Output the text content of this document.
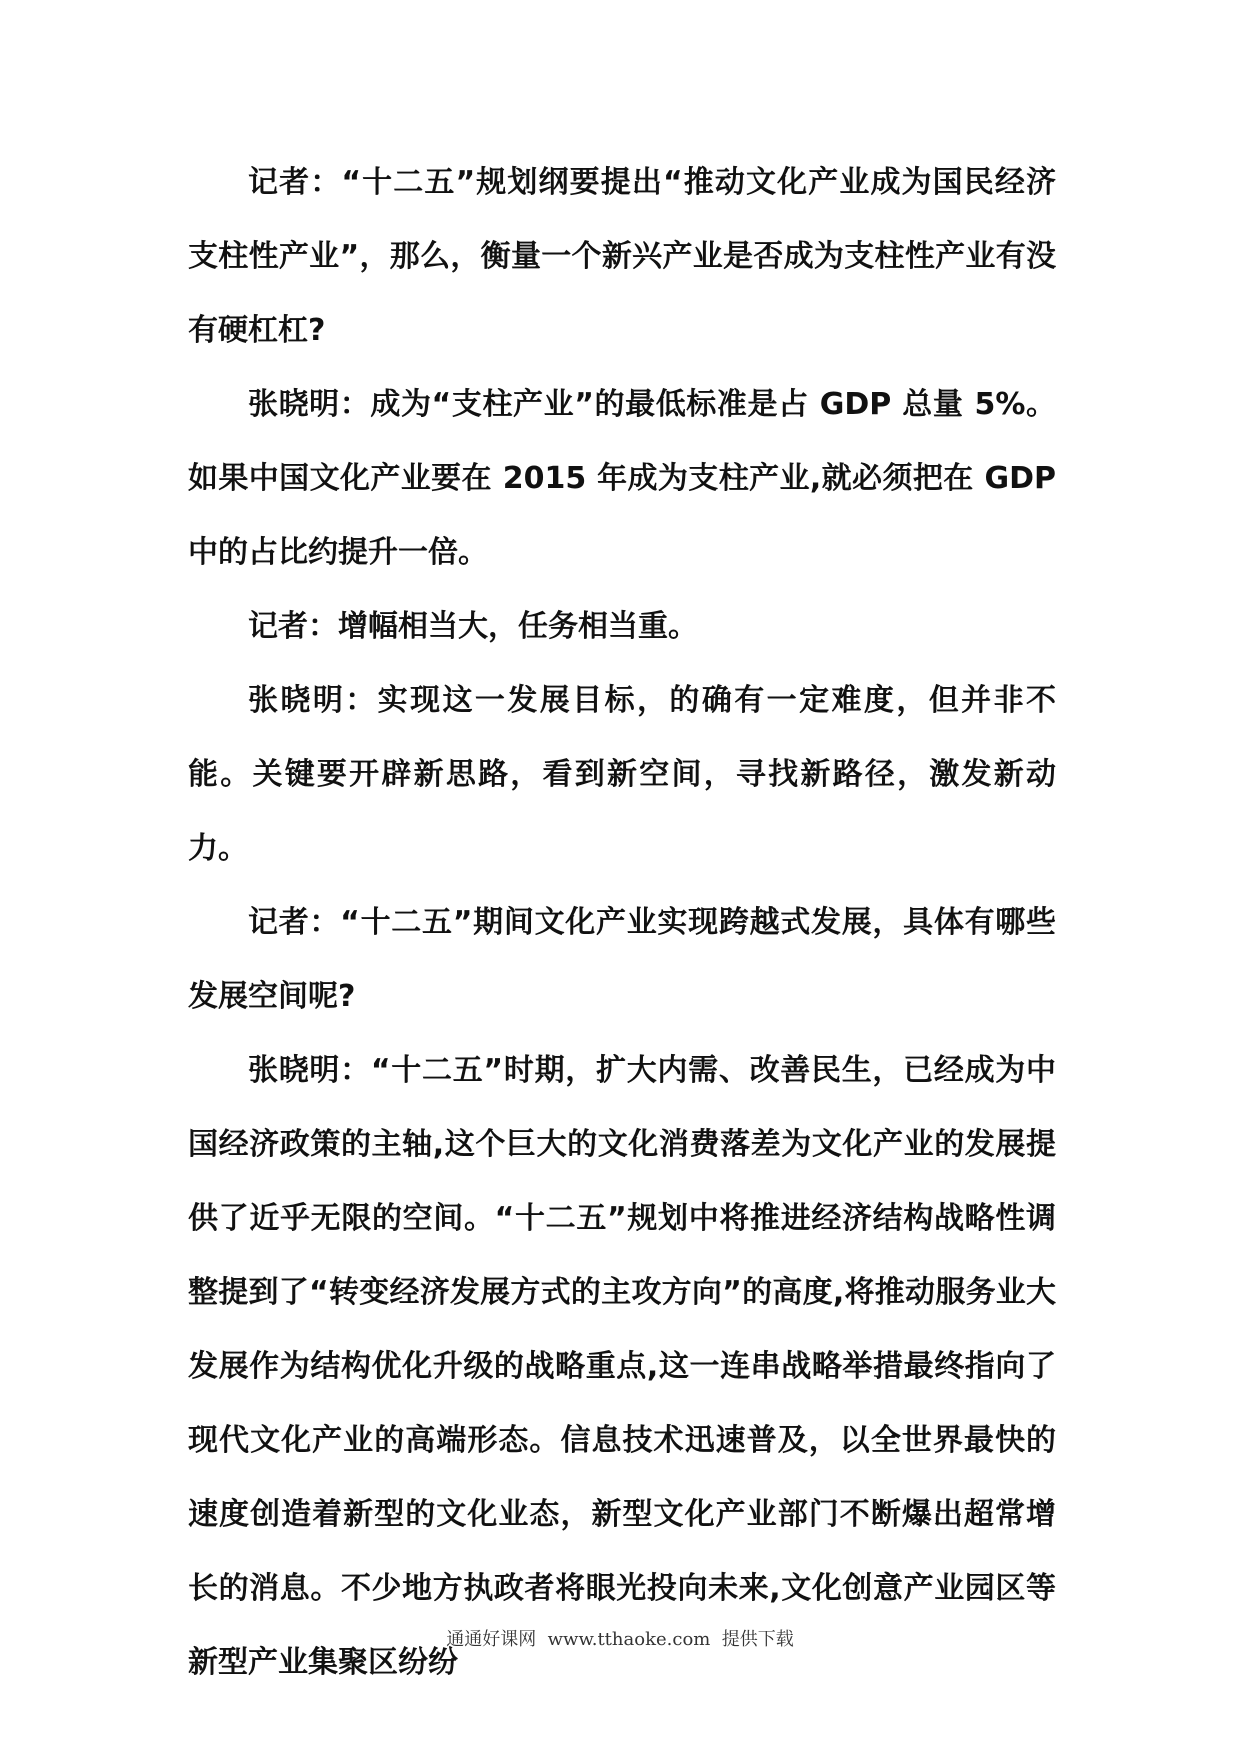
记者：“十二五”规划纲要提出“推动文化产业成为国民经济支柱性产业”，那么，衡量一个新兴产业是否成为支柱性产业有没有硬杠杠?

张晓明：成为“支柱产业”的最低标准是占 GDP 总量 5%。如果中国文化产业要在 2015 年成为支柱产业,就必须把在 GDP 中的占比约提升一倍。

记者：增幅相当大，任务相当重。

张晓明：实现这一发展目标，的确有一定难度，但并非不能。关键要开辟新思路，看到新空间，寻找新路径，激发新动力。

记者：“十二五”期间文化产业实现跨越式发展，具体有哪些发展空间呢?

张晓明：“十二五”时期，扩大内需、改善民生，已经成为中国经济政策的主轴,这个巨大的文化消费落差为文化产业的发展提供了近乎无限的空间。“十二五”规划中将推进经济结构战略性调整提到了“转变经济发展方式的主攻方向”的高度,将推动服务业大发展作为结构优化升级的战略重点,这一连串战略举措最终指向了现代文化产业的高端形态。信息技术迅速普及，以全世界最快的速度创造着新型的文化业态，新型文化产业部门不断爆出超常增长的消息。不少地方执政者将眼光投向未来,文化创意产业园区等新型产业集聚区纷纷

通通好课网  www.tthaoke.com  提供下载
